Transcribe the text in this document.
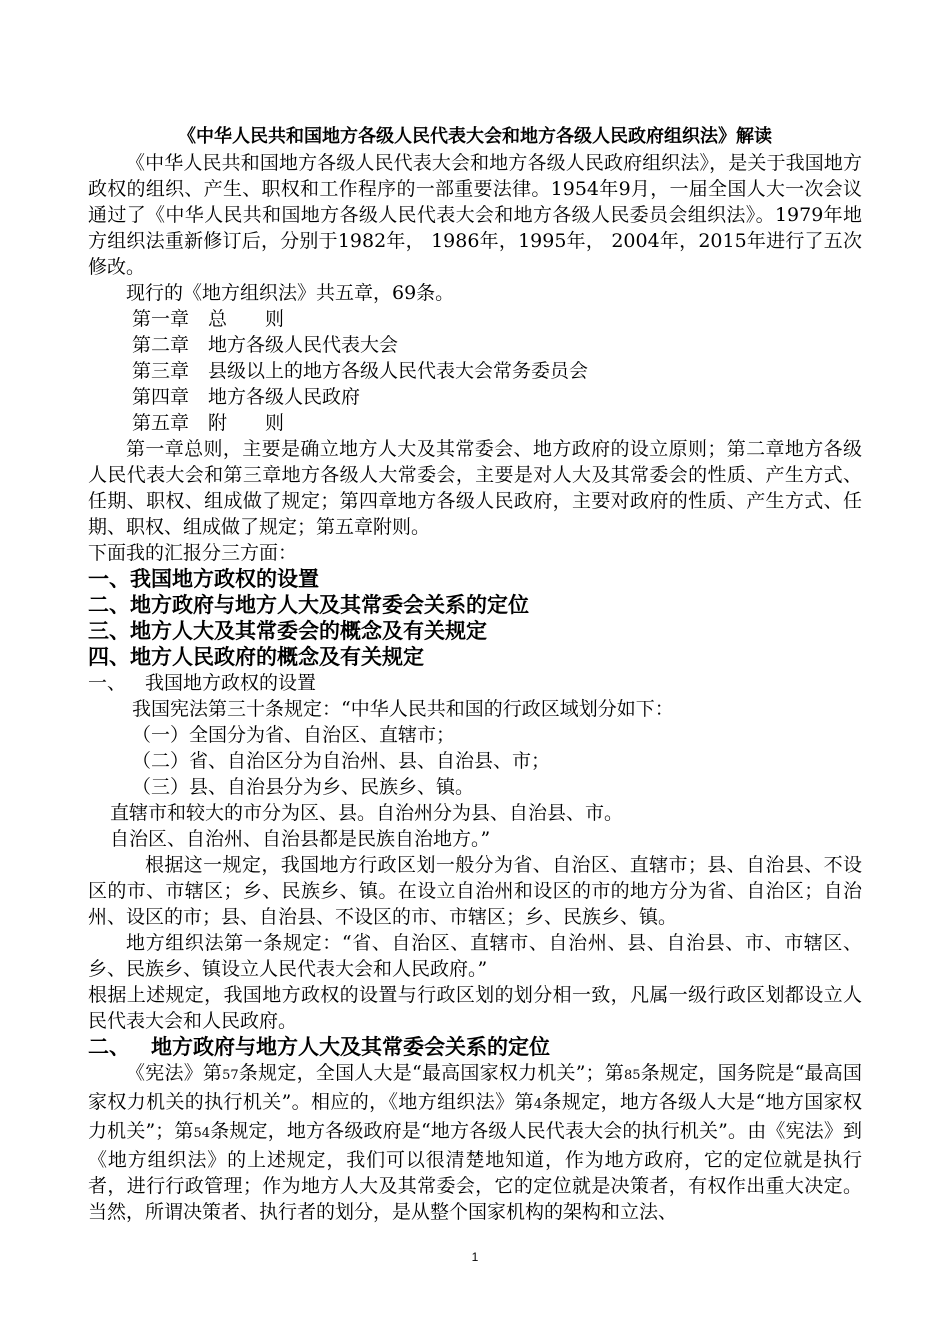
《中华人民共和国地方各级人民代表大会和地方各级人民政府组织法》解读

《中华人民共和国地方各级人民代表大会和地方各级人民政府组织法》，是关于我国地方政权的组织、产生、职权和工作程序的一部重要法律。1954年9月，一届全国人大一次会议通过了《中华人民共和国地方各级人民代表大会和地方各级人民委员会组织法》。1979年地方组织法重新修订后，分别于1982年， 1986年，1995年， 2004年，2015年进行了五次修改。

现行的《地方组织法》共五章，69条。

第一章　总　　则

第二章　地方各级人民代表大会

第三章　县级以上的地方各级人民代表大会常务委员会

第四章　地方各级人民政府

第五章　附　　则

第一章总则，主要是确立地方人大及其常委会、地方政府的设立原则；第二章地方各级人民代表大会和第三章地方各级人大常委会，主要是对人大及其常委会的性质、产生方式、任期、职权、组成做了规定；第四章地方各级人民政府，主要对政府的性质、产生方式、任期、职权、组成做了规定；第五章附则。

下面我的汇报分三方面：

一、我国地方政权的设置

二、地方政府与地方人大及其常委会关系的定位

三、地方人大及其常委会的概念及有关规定

四、地方人民政府的概念及有关规定

一、 我国地方政权的设置

我国宪法第三十条规定：“中华人民共和国的行政区域划分如下：

（一）全国分为省、自治区、直辖市；

（二）省、自治区分为自治州、县、自治县、市；

（三）县、自治县分为乡、民族乡、镇。

直辖市和较大的市分为区、县。自治州分为县、自治县、市。

自治区、自治州、自治县都是民族自治地方。”

根据这一规定，我国地方行政区划一般分为省、自治区、直辖市；县、自治县、不设区的市、市辖区；乡、民族乡、镇。在设立自治州和设区的市的地方分为省、自治区；自治州、设区的市；县、自治县、不设区的市、市辖区；乡、民族乡、镇。

地方组织法第一条规定：“省、自治区、直辖市、自治州、县、自治县、市、市辖区、乡、民族乡、镇设立人民代表大会和人民政府。”

根据上述规定，我国地方政权的设置与行政区划的划分相一致，凡属一级行政区划都设立人民代表大会和人民政府。

二、 地方政府与地方人大及其常委会关系的定位

《宪法》第57条规定，全国人大是“最高国家权力机关”；第85条规定，国务院是“最高国家权力机关的执行机关”。相应的，《地方组织法》第4条规定，地方各级人大是“地方国家权力机关”；第54条规定，地方各级政府是“地方各级人民代表大会的执行机关”。由《宪法》到《地方组织法》的上述规定，我们可以很清楚地知道，作为地方政府，它的定位就是执行者，进行行政管理；作为地方人大及其常委会，它的定位就是决策者，有权作出重大决定。当然，所谓决策者、执行者的划分，是从整个国家机构的架构和立法、

1
